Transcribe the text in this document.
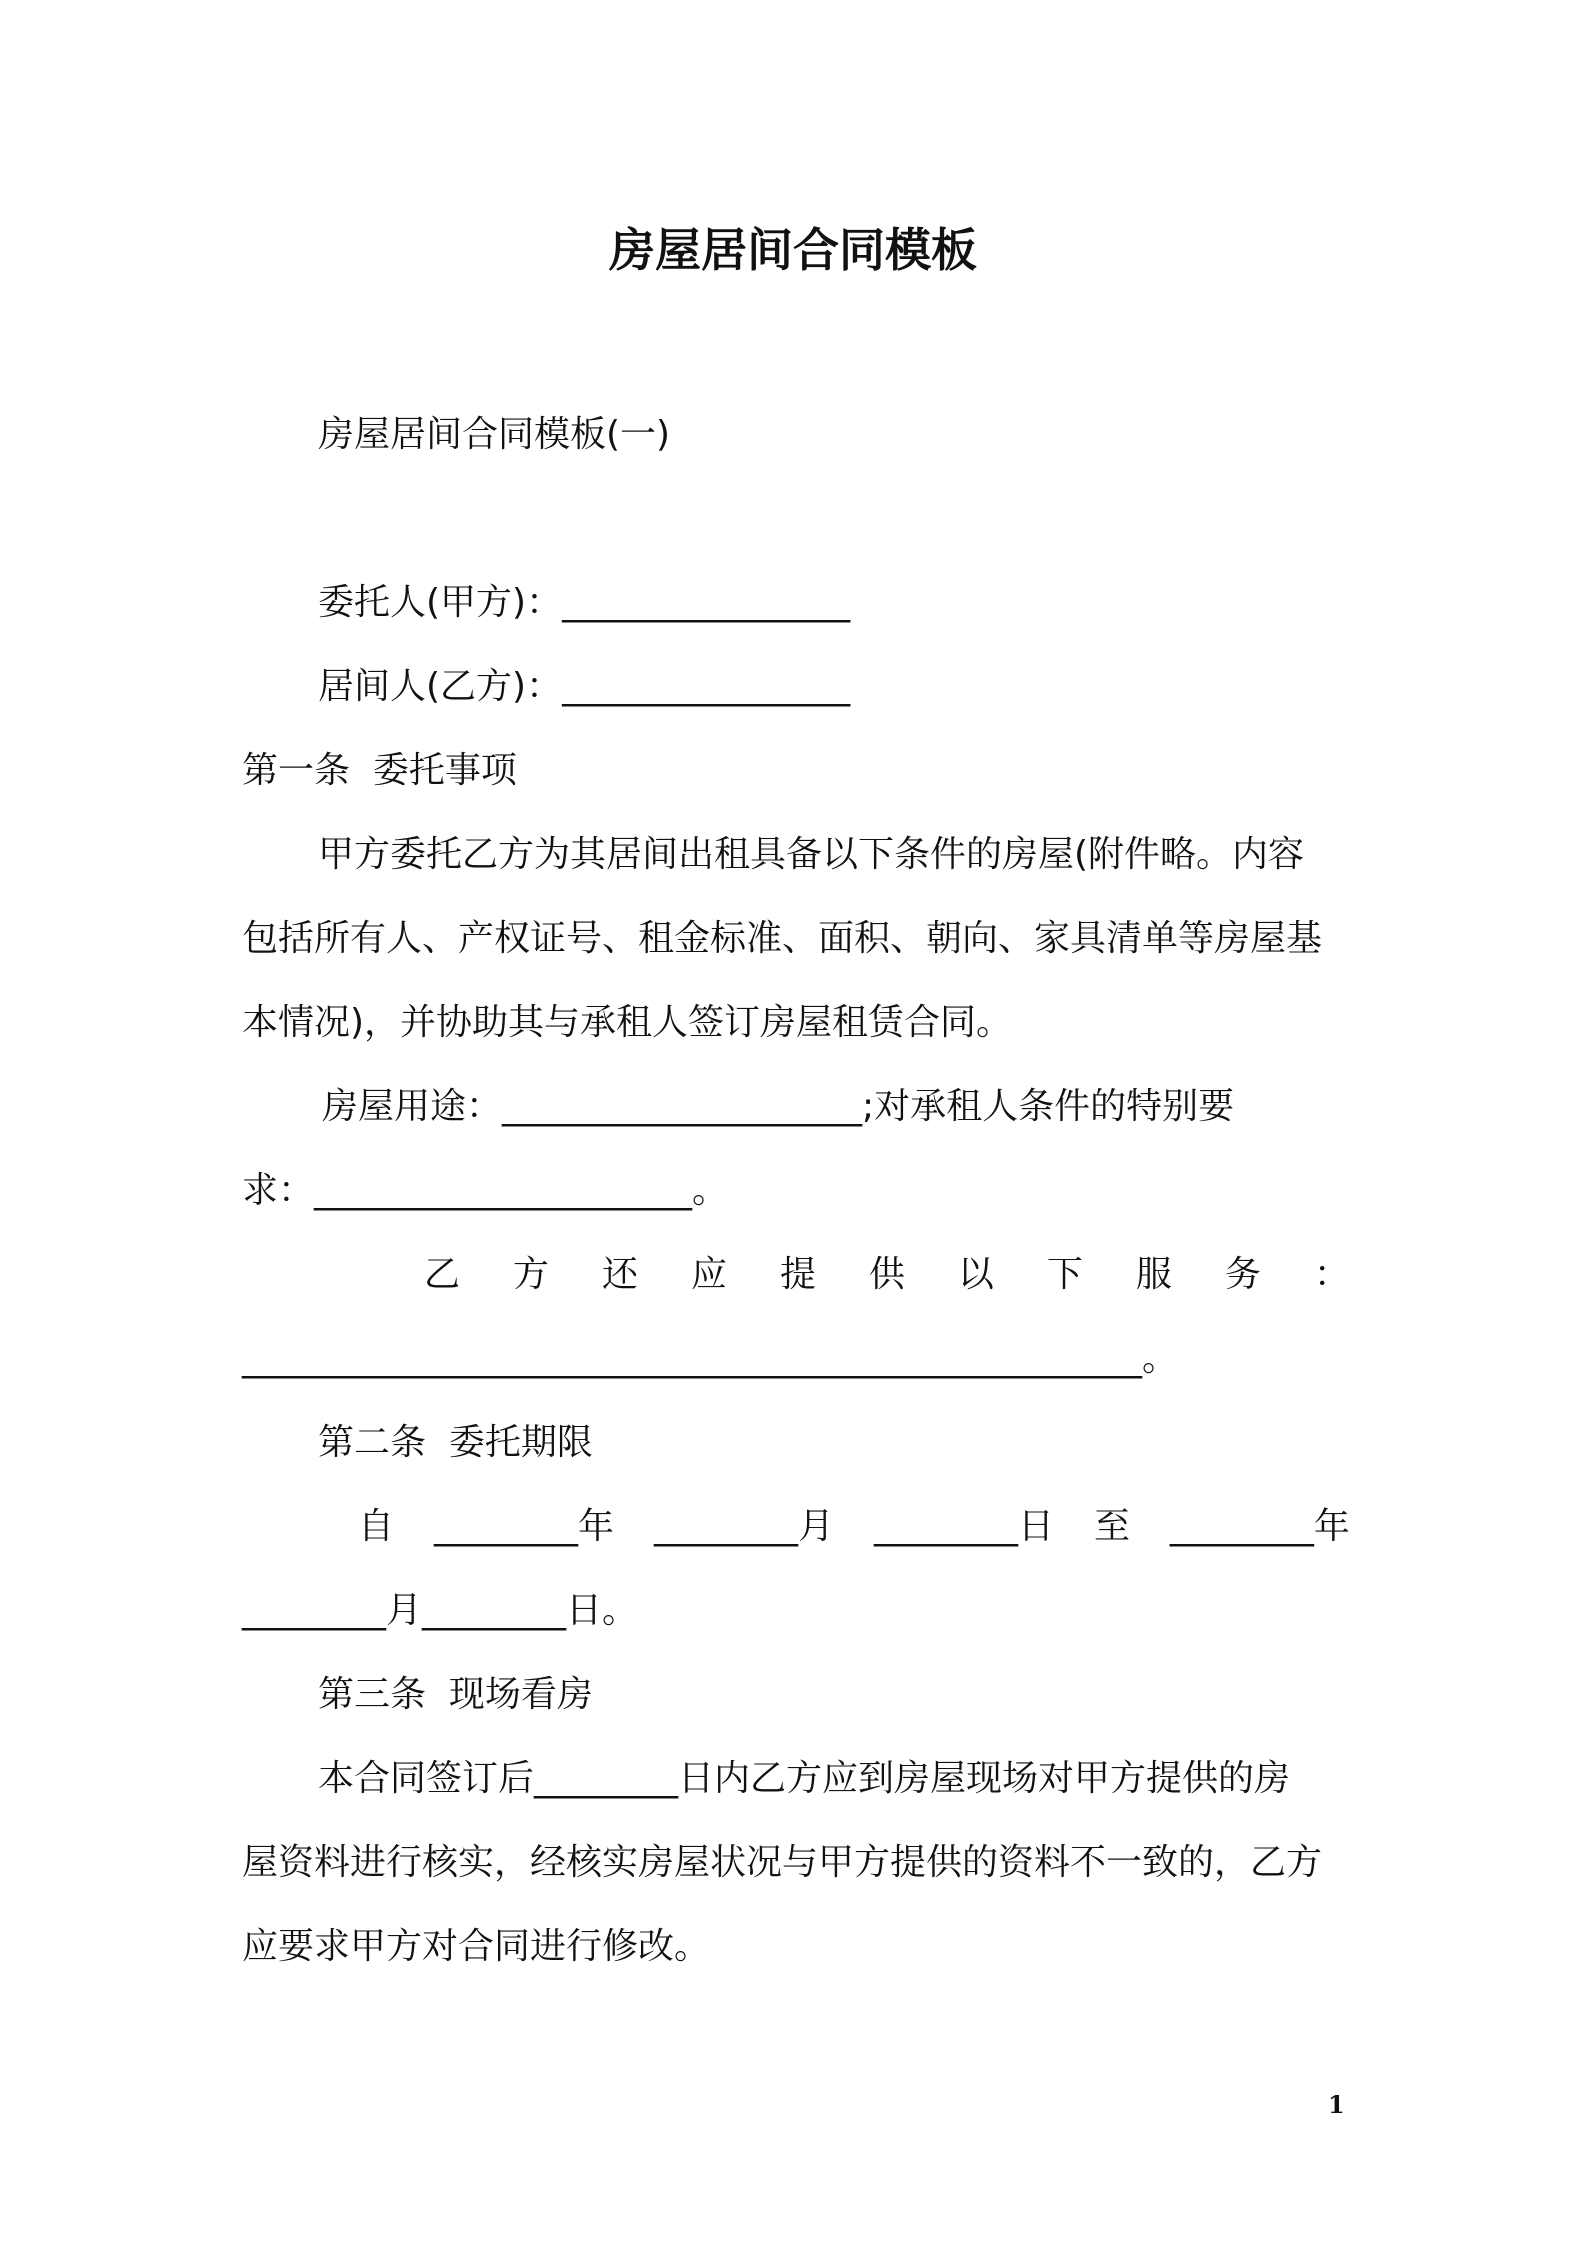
房屋居间合同模板

房屋居间合同模板(一)

委托人(甲方)：________________

居间人(乙方)：________________

第一条  委托事项

甲方委托乙方为其居间出租具备以下条件的房屋(附件略。内容

包括所有人、产权证号、租金标准、面积、朝向、家具清单等房屋基

本情况)，并协助其与承租人签订房屋租赁合同。

房屋用途：____________________;对承租人条件的特别要

求：_____________________。

乙 方 还 应 提 供 以 下 服 务 ：

__________________________________________________。

第二条  委托期限

自 ________年 ________月 ________日 至 ________年

________月________日。

第三条  现场看房

本合同签订后________日内乙方应到房屋现场对甲方提供的房

屋资料进行核实，经核实房屋状况与甲方提供的资料不一致的，乙方

应要求甲方对合同进行修改。

1
